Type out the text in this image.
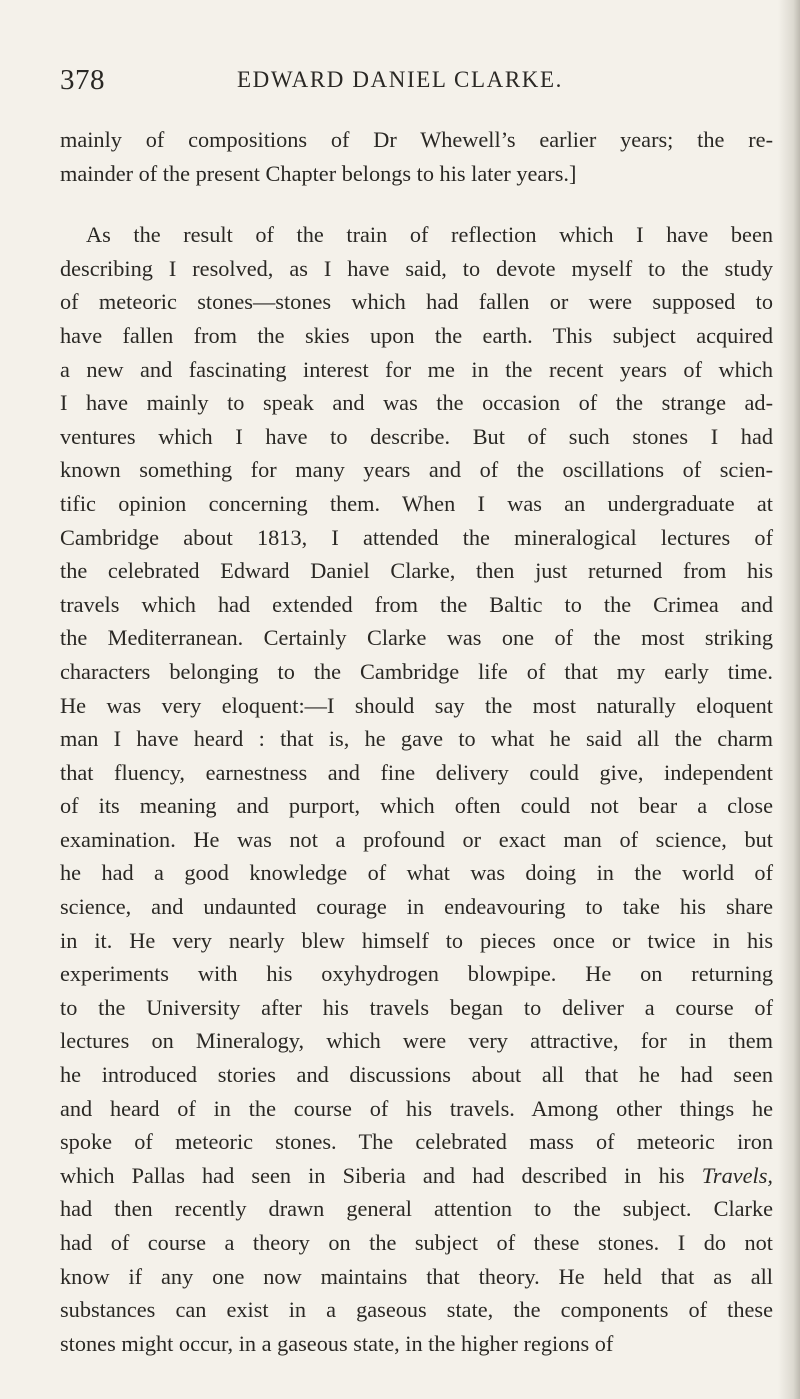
378	EDWARD DANIEL CLARKE.
mainly of compositions of Dr Whewell’s earlier years; the re-
mainder of the present Chapter belongs to his later years.]
As the result of the train of reflection which I have been
describing I resolved, as I have said, to devote myself to the study
of meteoric stones—stones which had fallen or were supposed to
have fallen from the skies upon the earth. This subject acquired
a new and fascinating interest for me in the recent years of which
I have mainly to speak and was the occasion of the strange ad-
ventures which I have to describe. But of such stones I had
known something for many years and of the oscillations of scien-
tific opinion concerning them. When I was an undergraduate at
Cambridge about 1813, I attended the mineralogical lectures of
the celebrated Edward Daniel Clarke, then just returned from his
travels which had extended from the Baltic to the Crimea and
the Mediterranean. Certainly Clarke was one of the most striking
characters belonging to the Cambridge life of that my early time.
He was very eloquent:—I should say the most naturally eloquent
man I have heard : that is, he gave to what he said all the charm
that fluency, earnestness and fine delivery could give, independent
of its meaning and purport, which often could not bear a close
examination. He was not a profound or exact man of science, but
he had a good knowledge of what was doing in the world of
science, and undaunted courage in endeavouring to take his share
in it. He very nearly blew himself to pieces once or twice in his
experiments with his oxyhydrogen blowpipe. He on returning
to the University after his travels began to deliver a course of
lectures on Mineralogy, which were very attractive, for in them
he introduced stories and discussions about all that he had seen
and heard of in the course of his travels. Among other things he
spoke of meteoric stones. The celebrated mass of meteoric iron
which Pallas had seen in Siberia and had described in his Travels,
had then recently drawn general attention to the subject. Clarke
had of course a theory on the subject of these stones. I do not
know if any one now maintains that theory. He held that as all
substances can exist in a gaseous state, the components of these
stones might occur, in a gaseous state, in the higher regions of
